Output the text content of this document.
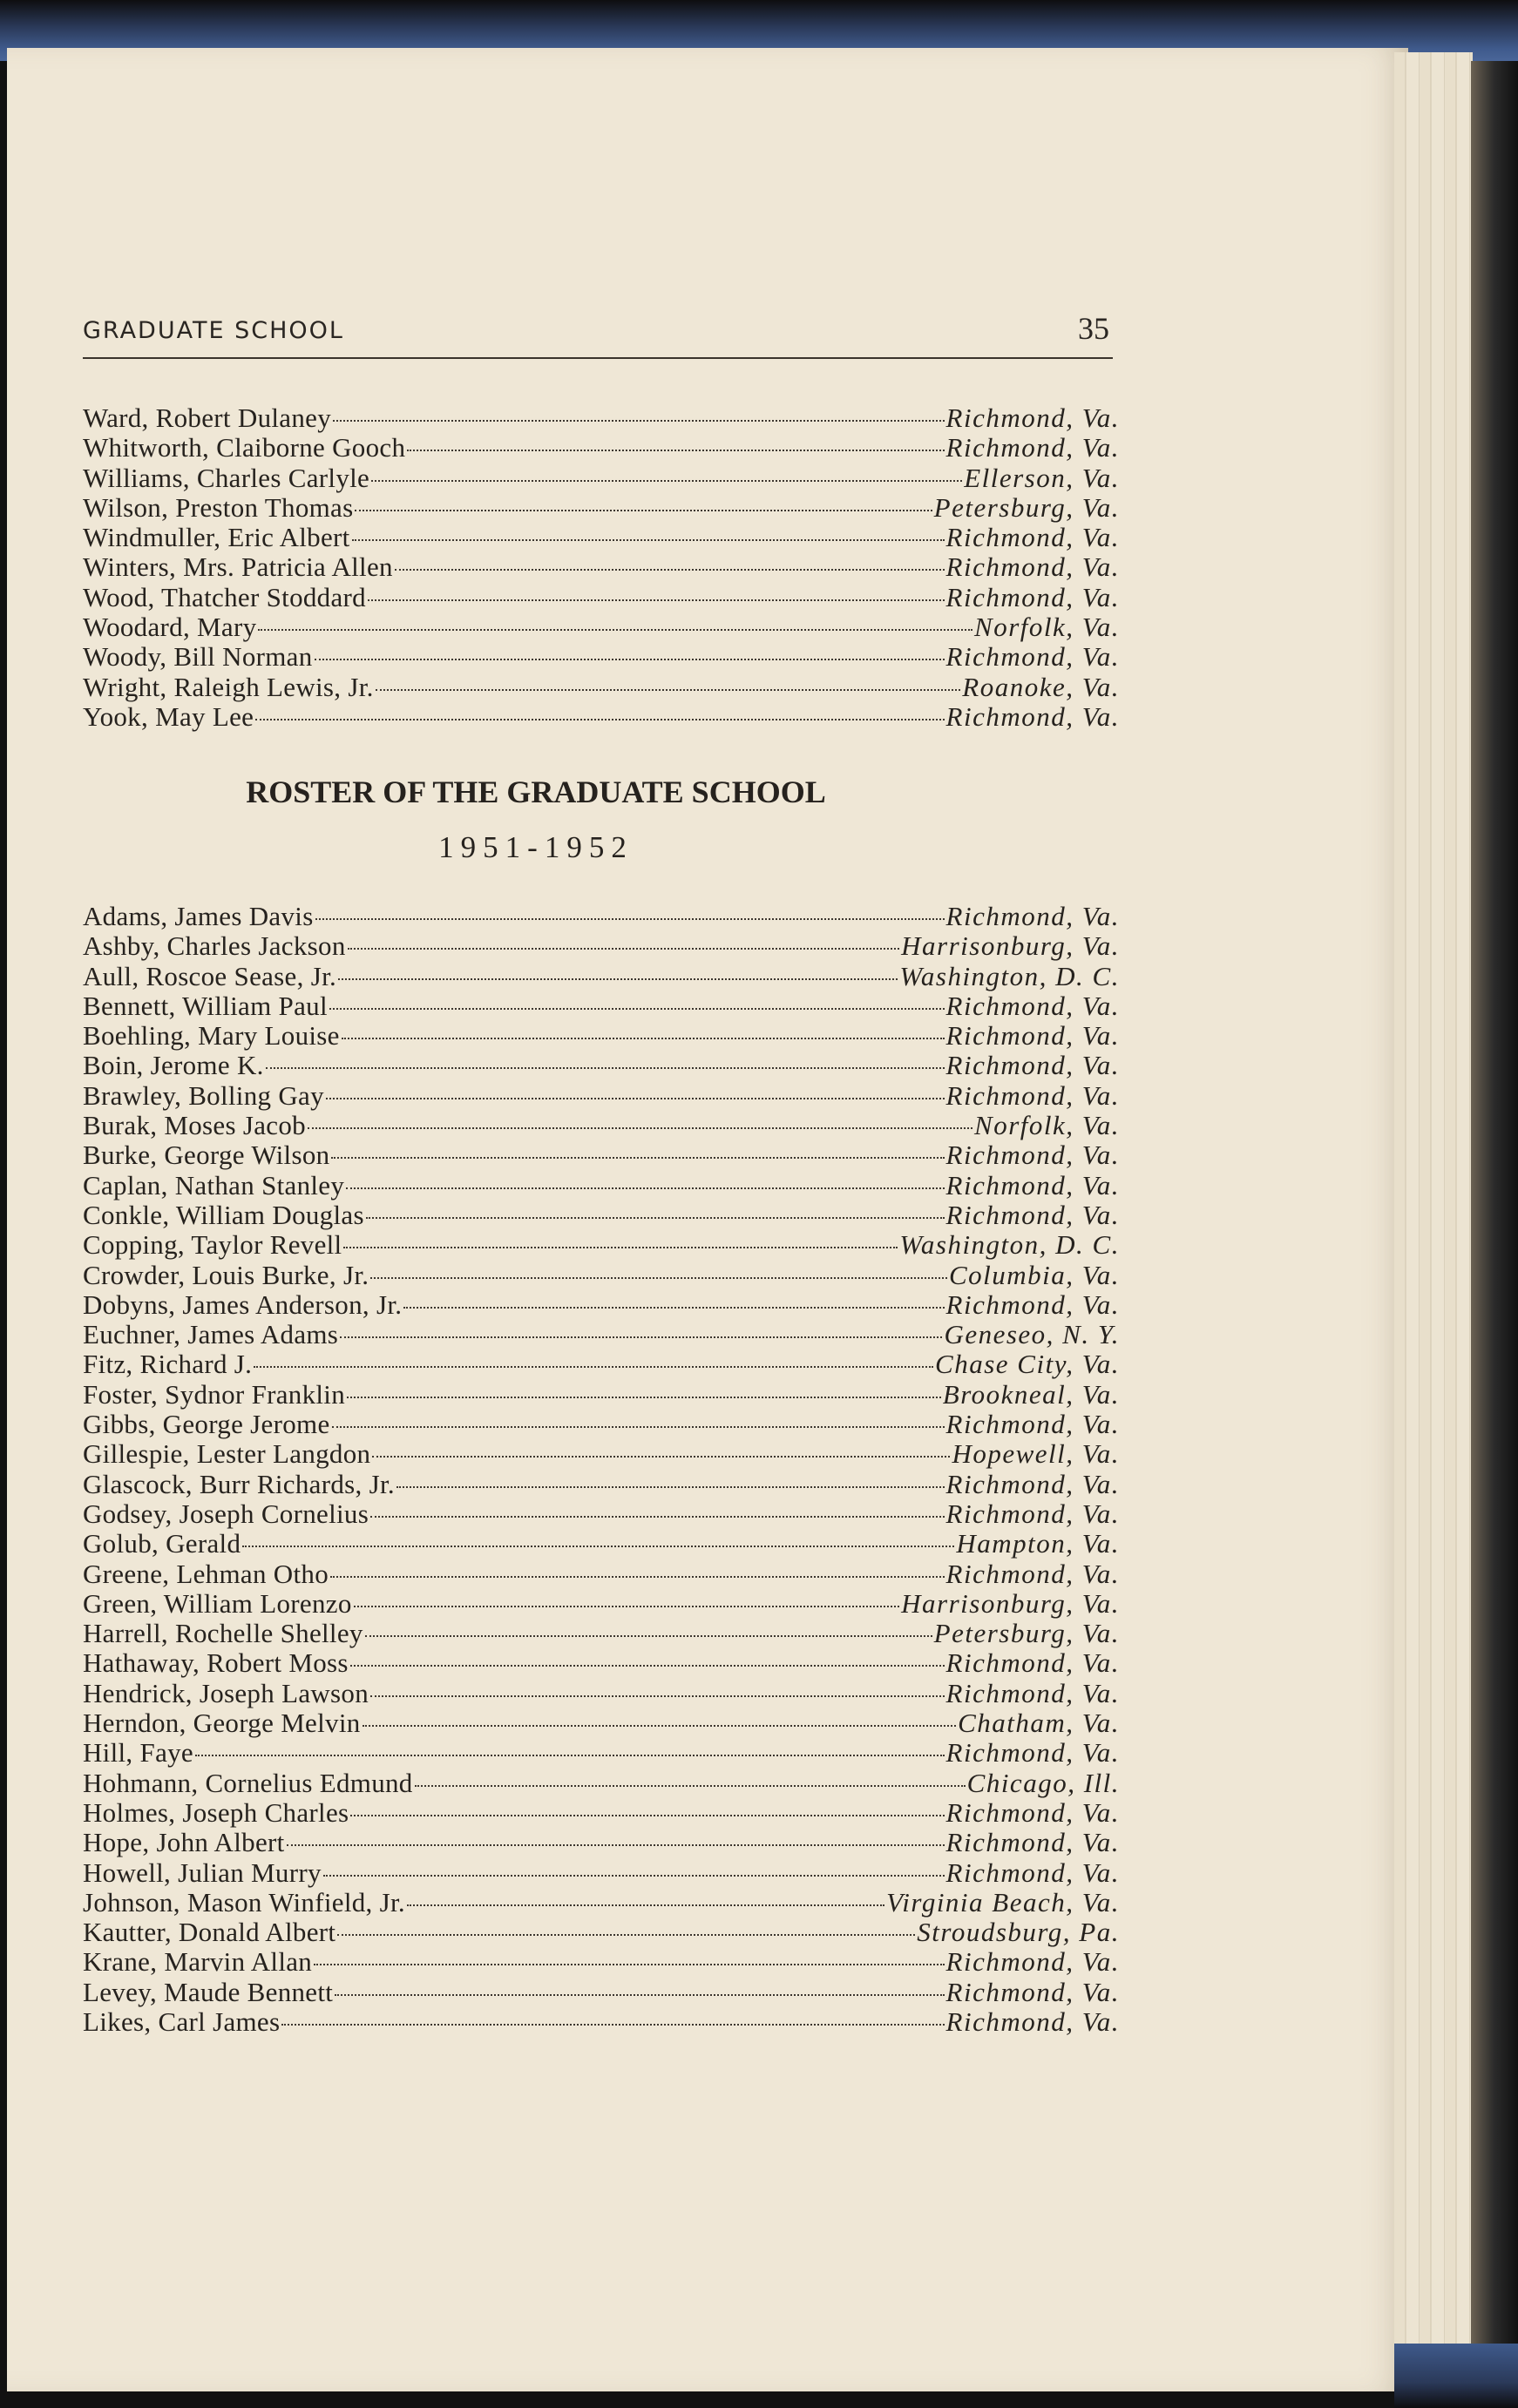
GRADUATE SCHOOL	35
Ward, Robert Dulaney	Richmond, Va.
Whitworth, Claiborne Gooch	Richmond, Va.
Williams, Charles Carlyle	Ellerson, Va.
Wilson, Preston Thomas	Petersburg, Va.
Windmuller, Eric Albert	Richmond, Va.
Winters, Mrs. Patricia Allen	Richmond, Va.
Wood, Thatcher Stoddard	Richmond, Va.
Woodard, Mary	Norfolk, Va.
Woody, Bill Norman	Richmond, Va.
Wright, Raleigh Lewis, Jr.	Roanoke, Va.
Yook, May Lee	Richmond, Va.
ROSTER OF THE GRADUATE SCHOOL
1951-1952
Adams, James Davis	Richmond, Va.
Ashby, Charles Jackson	Harrisonburg, Va.
Aull, Roscoe Sease, Jr.	Washington, D. C.
Bennett, William Paul	Richmond, Va.
Boehling, Mary Louise	Richmond, Va.
Boin, Jerome K.	Richmond, Va.
Brawley, Bolling Gay	Richmond, Va.
Burak, Moses Jacob	Norfolk, Va.
Burke, George Wilson	Richmond, Va.
Caplan, Nathan Stanley	Richmond, Va.
Conkle, William Douglas	Richmond, Va.
Copping, Taylor Revell	Washington, D. C.
Crowder, Louis Burke, Jr.	Columbia, Va.
Dobyns, James Anderson, Jr.	Richmond, Va.
Euchner, James Adams	Geneseo, N. Y.
Fitz, Richard J.	Chase City, Va.
Foster, Sydnor Franklin	Brookneal, Va.
Gibbs, George Jerome	Richmond, Va.
Gillespie, Lester Langdon	Hopewell, Va.
Glascock, Burr Richards, Jr.	Richmond, Va.
Godsey, Joseph Cornelius	Richmond, Va.
Golub, Gerald	Hampton, Va.
Greene, Lehman Otho	Richmond, Va.
Green, William Lorenzo	Harrisonburg, Va.
Harrell, Rochelle Shelley	Petersburg, Va.
Hathaway, Robert Moss	Richmond, Va.
Hendrick, Joseph Lawson	Richmond, Va.
Herndon, George Melvin	Chatham, Va.
Hill, Faye	Richmond, Va.
Hohmann, Cornelius Edmund	Chicago, Ill.
Holmes, Joseph Charles	Richmond, Va.
Hope, John Albert	Richmond, Va.
Howell, Julian Murry	Richmond, Va.
Johnson, Mason Winfield, Jr.	Virginia Beach, Va.
Kautter, Donald Albert	Stroudsburg, Pa.
Krane, Marvin Allan	Richmond, Va.
Levey, Maude Bennett	Richmond, Va.
Likes, Carl James	Richmond, Va.
